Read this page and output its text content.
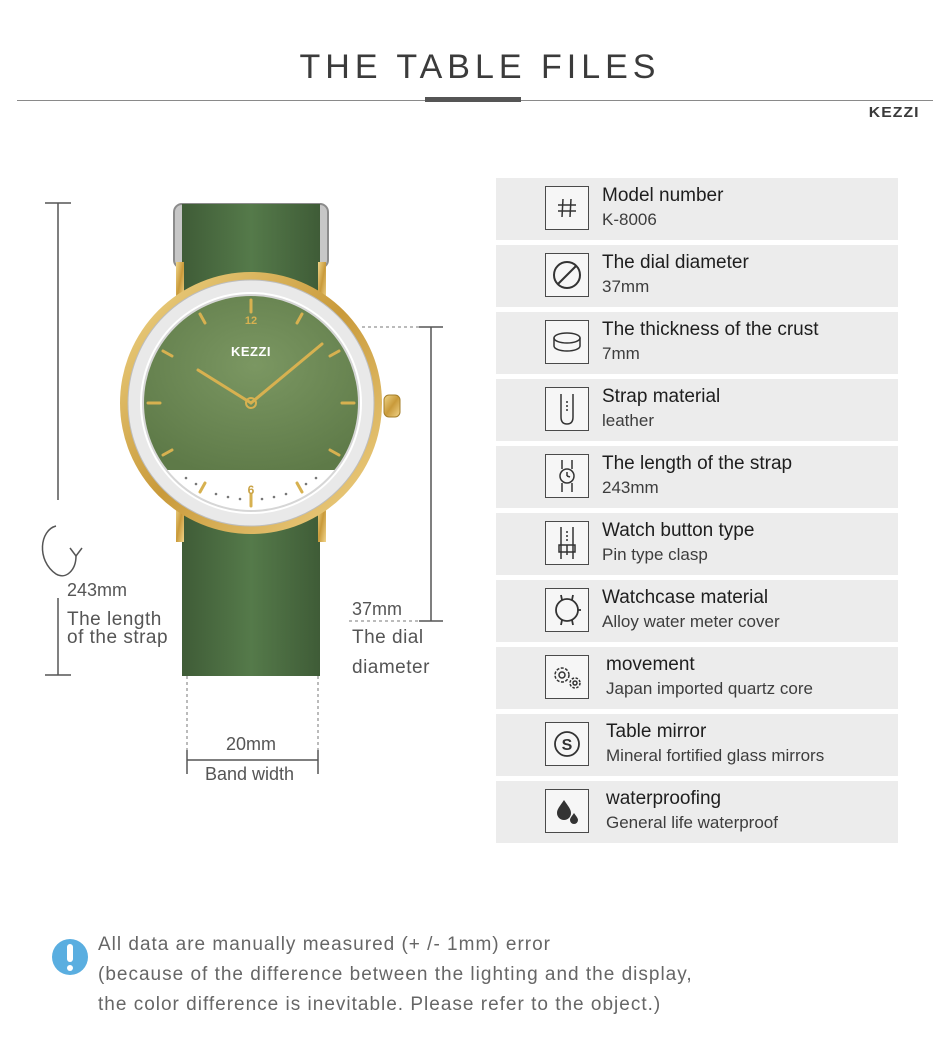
THE TABLE FILES
KEZZI
12
6
KEZZI
243mm
The length
of the strap
37mm
The dial
diameter
20mm
Band width
Model number
K-8006
The dial diameter
37mm
The thickness of the crust
7mm
Strap material
leather
The length of the strap
243mm
Watch button type
Pin type clasp
Watchcase material
Alloy water meter cover
movement
Japan imported quartz core
S
Table mirror
Mineral fortified glass mirrors
waterproofing
General life waterproof
All data are manually measured (+ /- 1mm) error
(because of the difference between the lighting and the display,
the color difference is inevitable. Please refer to the object.)
